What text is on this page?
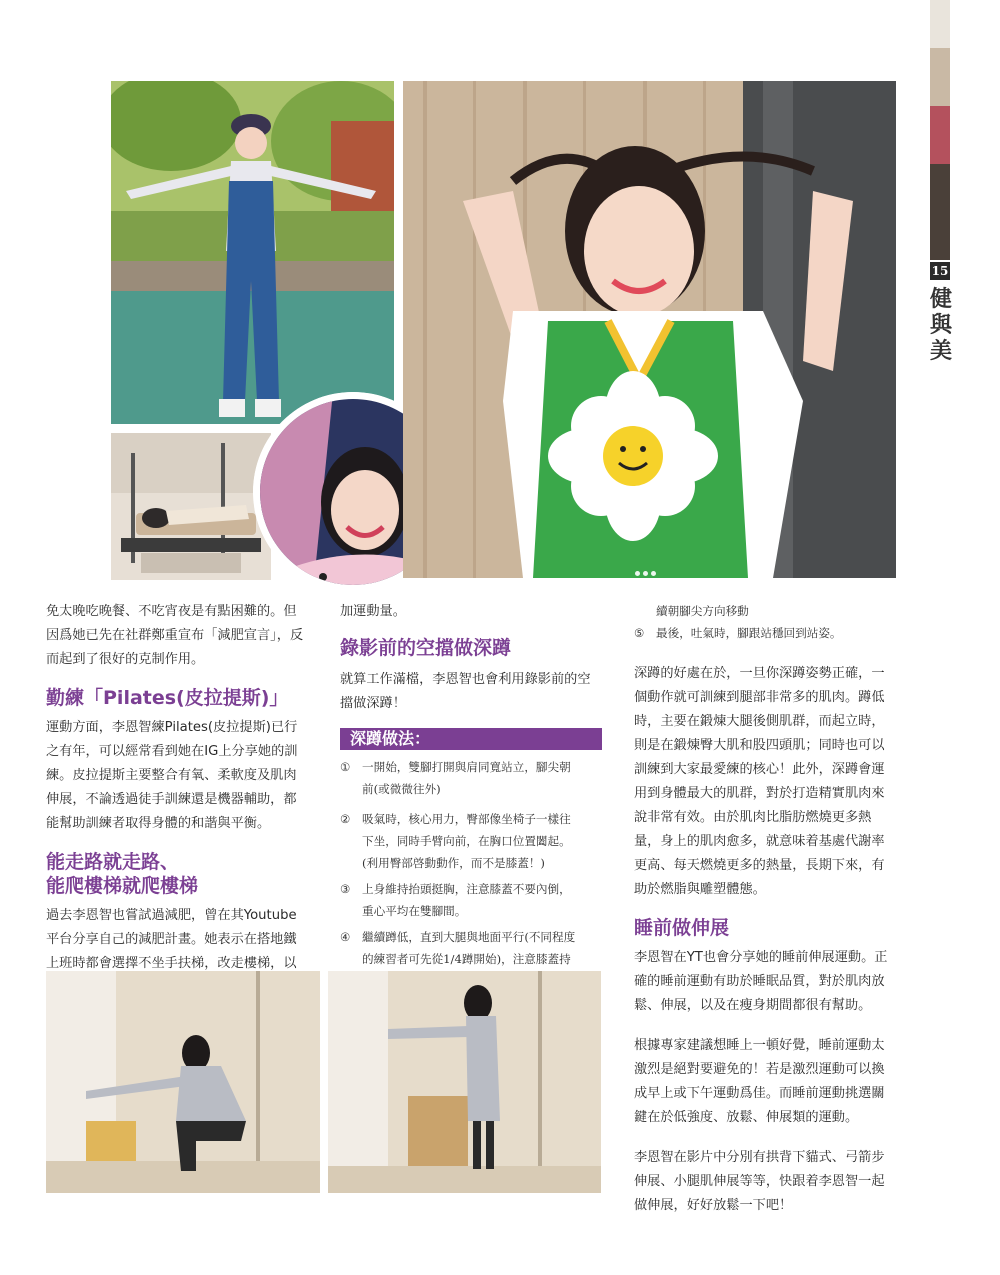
15
健
與
美

免太晚吃晚餐、不吃宵夜是有點困難的。但因爲她已先在社群鄭重宣布「減肥宣言」，反而起到了很好的克制作用。

勤練「Pilates(皮拉提斯)」

運動方面，李恩智練Pilates(皮拉提斯)已行之有年，可以經常看到她在IG上分享她的訓練。皮拉提斯主要整合有氧、柔軟度及肌肉伸展，不論透過徒手訓練還是機器輔助，都能幫助訓練者取得身體的和諧與平衡。

能走路就走路、

能爬樓梯就爬樓梯

過去李恩智也嘗試過減肥，曾在其Youtube平台分享自己的減肥計畫。她表示在搭地鐵上班時都會選擇不坐手扶梯，改走樓梯，以

加運動量。

錄影前的空擋做深蹲

就算工作滿檔，李恩智也會利用錄影前的空擋做深蹲！

深蹲做法：
① 一開始，雙腳打開與肩同寬站立，腳尖朝
前(或微微往外)
② 吸氣時，核心用力，臀部像坐椅子一樣往
下坐，同時手臂向前，在胸口位置闔起。
(利用臀部啓動動作，而不是膝蓋！)
③ 上身維持抬頭挺胸，注意膝蓋不要內倒，
重心平均在雙腳間。
④ 繼續蹲低，直到大腿與地面平行(不同程度
的練習者可先從1/4蹲開始)，注意膝蓋持
續朝腳尖方向移動
⑤ 最後，吐氣時，腳跟站穩回到站姿。

深蹲的好處在於，一旦你深蹲姿勢正確，一個動作就可訓練到腿部非常多的肌肉。蹲低時，主要在鍛煉大腿後側肌群，而起立時，則是在鍛煉臀大肌和股四頭肌；同時也可以訓練到大家最愛練的核心！此外，深蹲會運用到身體最大的肌群，對於打造精實肌肉來說非常有效。由於肌肉比脂肪燃燒更多熱量，身上的肌肉愈多，就意味着基處代謝率更高、每天燃燒更多的熱量，長期下來，有助於燃脂與雕塑體態。

睡前做伸展

李恩智在YT也會分享她的睡前伸展運動。正確的睡前運動有助於睡眠品質，對於肌肉放鬆、伸展，以及在瘦身期間都很有幫助。

根據專家建議想睡上一頓好覺，睡前運動太激烈是絕對要避免的！若是激烈運動可以換成早上或下午運動爲佳。而睡前運動挑選關鍵在於低強度、放鬆、伸展類的運動。

李恩智在影片中分別有拱背下貓式、弓箭步伸展、小腿肌伸展等等，快跟着李恩智一起做伸展，好好放鬆一下吧！
